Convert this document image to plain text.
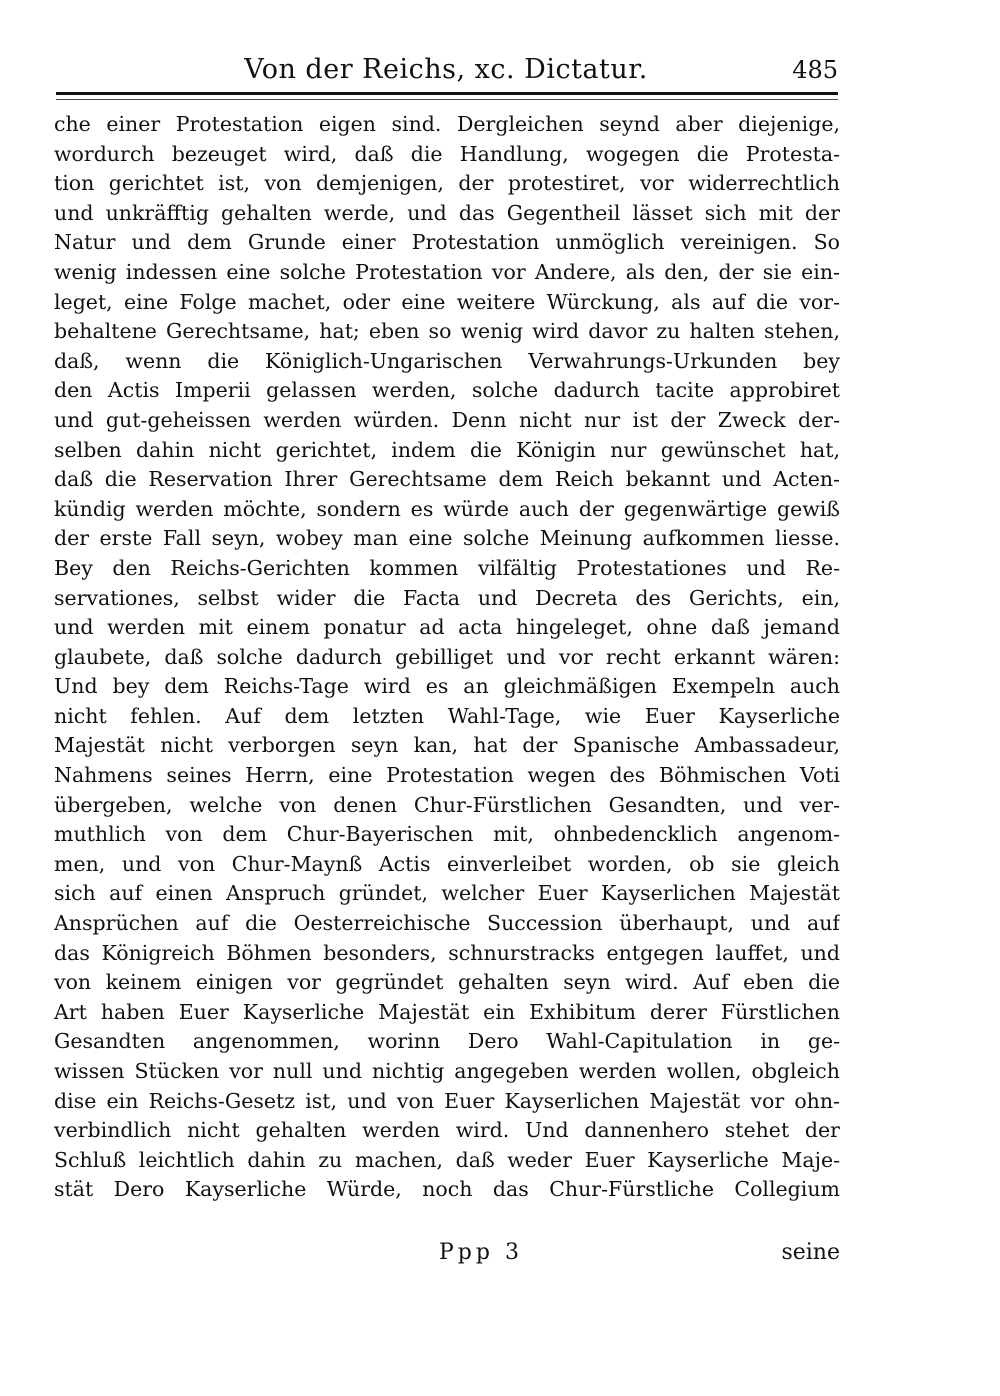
Von der Reichs, xc. Dictatur.	485
che einer Protestation eigen sind. Dergleichen seynd aber diejenige,
wordurch bezeuget wird, daß die Handlung, wogegen die Protesta-
tion gerichtet ist, von demjenigen, der protestiret, vor widerrechtlich
und unkräfftig gehalten werde, und das Gegentheil lässet sich mit der
Natur und dem Grunde einer Protestation unmöglich vereinigen. So
wenig indessen eine solche Protestation vor Andere, als den, der sie ein-
leget, eine Folge machet, oder eine weitere Würckung, als auf die vor-
behaltene Gerechtsame, hat; eben so wenig wird davor zu halten stehen,
daß, wenn die Königlich-Ungarischen Verwahrungs-Urkunden bey
den Actis Imperii gelassen werden, solche dadurch tacite approbiret
und gut-geheissen werden würden. Denn nicht nur ist der Zweck der-
selben dahin nicht gerichtet, indem die Königin nur gewünschet hat,
daß die Reservation Ihrer Gerechtsame dem Reich bekannt und Acten-
kündig werden möchte, sondern es würde auch der gegenwärtige gewiß
der erste Fall seyn, wobey man eine solche Meinung aufkommen liesse.
Bey den Reichs-Gerichten kommen vilfältig Protestationes und Re-
servationes, selbst wider die Facta und Decreta des Gerichts, ein,
und werden mit einem ponatur ad acta hingeleget, ohne daß jemand
glaubete, daß solche dadurch gebilliget und vor recht erkannt wären:
Und bey dem Reichs-Tage wird es an gleichmäßigen Exempeln auch
nicht fehlen. Auf dem letzten Wahl-Tage, wie Euer Kayserliche
Majestät nicht verborgen seyn kan, hat der Spanische Ambassadeur,
Nahmens seines Herrn, eine Protestation wegen des Böhmischen Voti
übergeben, welche von denen Chur-Fürstlichen Gesandten, und ver-
muthlich von dem Chur-Bayerischen mit, ohnbedencklich angenom-
men, und von Chur-Maynß Actis einverleibet worden, ob sie gleich
sich auf einen Anspruch gründet, welcher Euer Kayserlichen Majestät
Ansprüchen auf die Oesterreichische Succession überhaupt, und auf
das Königreich Böhmen besonders, schnurstracks entgegen lauffet, und
von keinem einigen vor gegründet gehalten seyn wird. Auf eben die
Art haben Euer Kayserliche Majestät ein Exhibitum derer Fürstlichen
Gesandten angenommen, worinn Dero Wahl-Capitulation in ge-
wissen Stücken vor null und nichtig angegeben werden wollen, obgleich
dise ein Reichs-Gesetz ist, und von Euer Kayserlichen Majestät vor ohn-
verbindlich nicht gehalten werden wird. Und dannenhero stehet der
Schluß leichtlich dahin zu machen, daß weder Euer Kayserliche Maje-
stät Dero Kayserliche Würde, noch das Chur-Fürstliche Collegium
Ppp 3	seine
